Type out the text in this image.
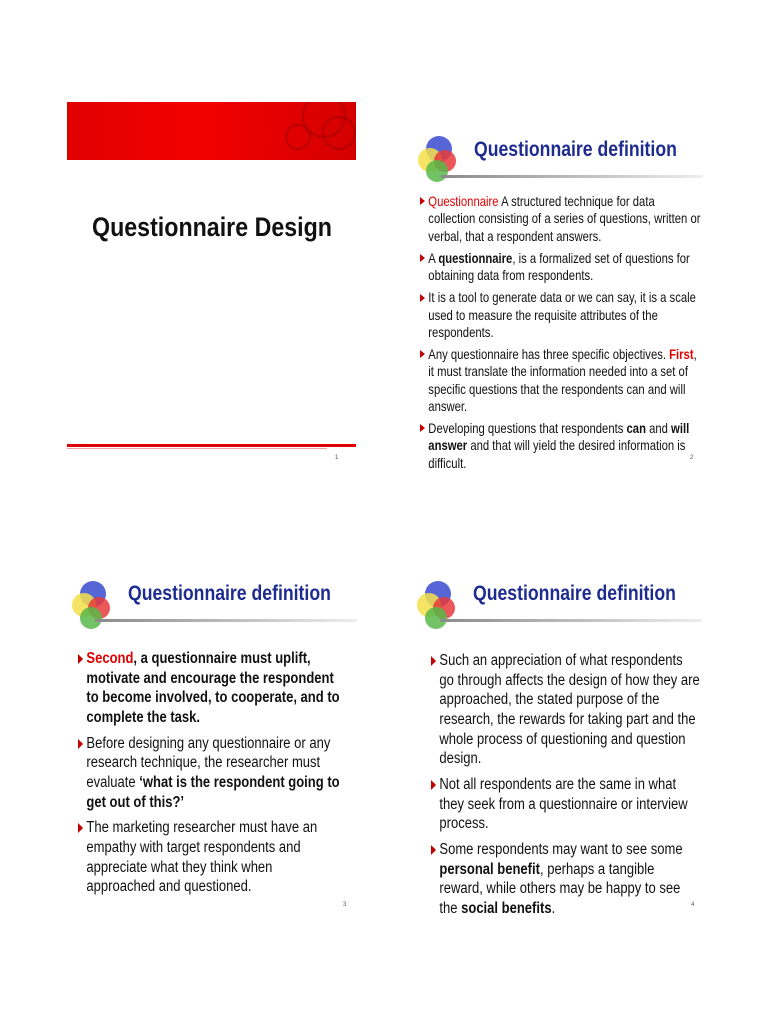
Questionnaire Design
1
Questionnaire definition
Questionnaire A structured technique for data collection consisting of a series of questions, written or verbal, that a respondent answers.
A questionnaire, is a formalized set of questions for obtaining data from respondents.
It is a tool to generate data or we can say, it is a scale used to measure the requisite attributes of the respondents.
Any questionnaire has three specific objectives. First, it must translate the information needed into a set of specific questions that the respondents can and will answer.
Developing questions that respondents can and will answer and that will yield the desired information is difficult.	2
Questionnaire definition
Second, a questionnaire must uplift, motivate and encourage the respondent to become involved, to cooperate, and to complete the task.
Before designing any questionnaire or any research technique, the researcher must evaluate ‘what is the respondent going to get out of this?’
The marketing researcher must have an empathy with target respondents and appreciate what they think when approached and questioned.
3
Questionnaire definition
Such an appreciation of what respondents go through affects the design of how they are approached, the stated purpose of the research, the rewards for taking part and the whole process of questioning and question design.
Not all respondents are the same in what they seek from a questionnaire or interview process.
Some respondents may want to see some personal benefit, perhaps a tangible reward, while others may be happy to see the social benefits.	4
